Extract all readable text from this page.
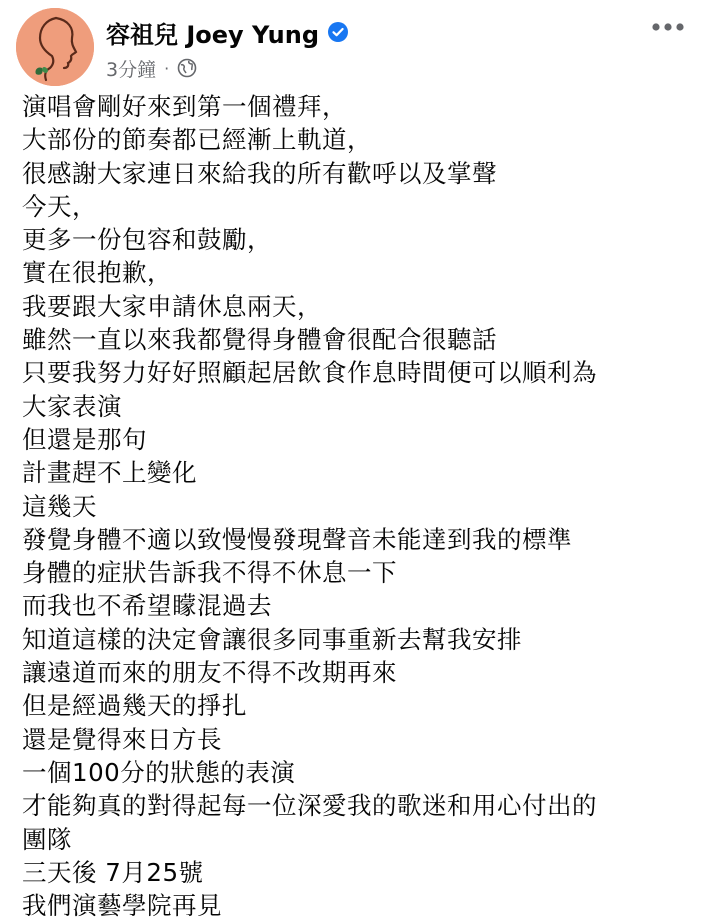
容祖兒 Joey Yung
3分鐘 ·
演唱會剛好來到第一個禮拜，
大部份的節奏都已經漸上軌道，
很感謝大家連日來給我的所有歡呼以及掌聲
今天，
更多一份包容和鼓勵，
實在很抱歉，
我要跟大家申請休息兩天，
雖然一直以來我都覺得身體會很配合很聽話
只要我努力好好照顧起居飲食作息時間便可以順利為
大家表演
但還是那句
計畫趕不上變化
這幾天
發覺身體不適以致慢慢發現聲音未能達到我的標準
身體的症狀告訴我不得不休息一下
而我也不希望矇混過去
知道這樣的決定會讓很多同事重新去幫我安排
讓遠道而來的朋友不得不改期再來
但是經過幾天的掙扎
還是覺得來日方長
一個100分的狀態的表演
才能夠真的對得起每一位深愛我的歌迷和用心付出的
團隊
三天後 7月25號
我們演藝學院再見
